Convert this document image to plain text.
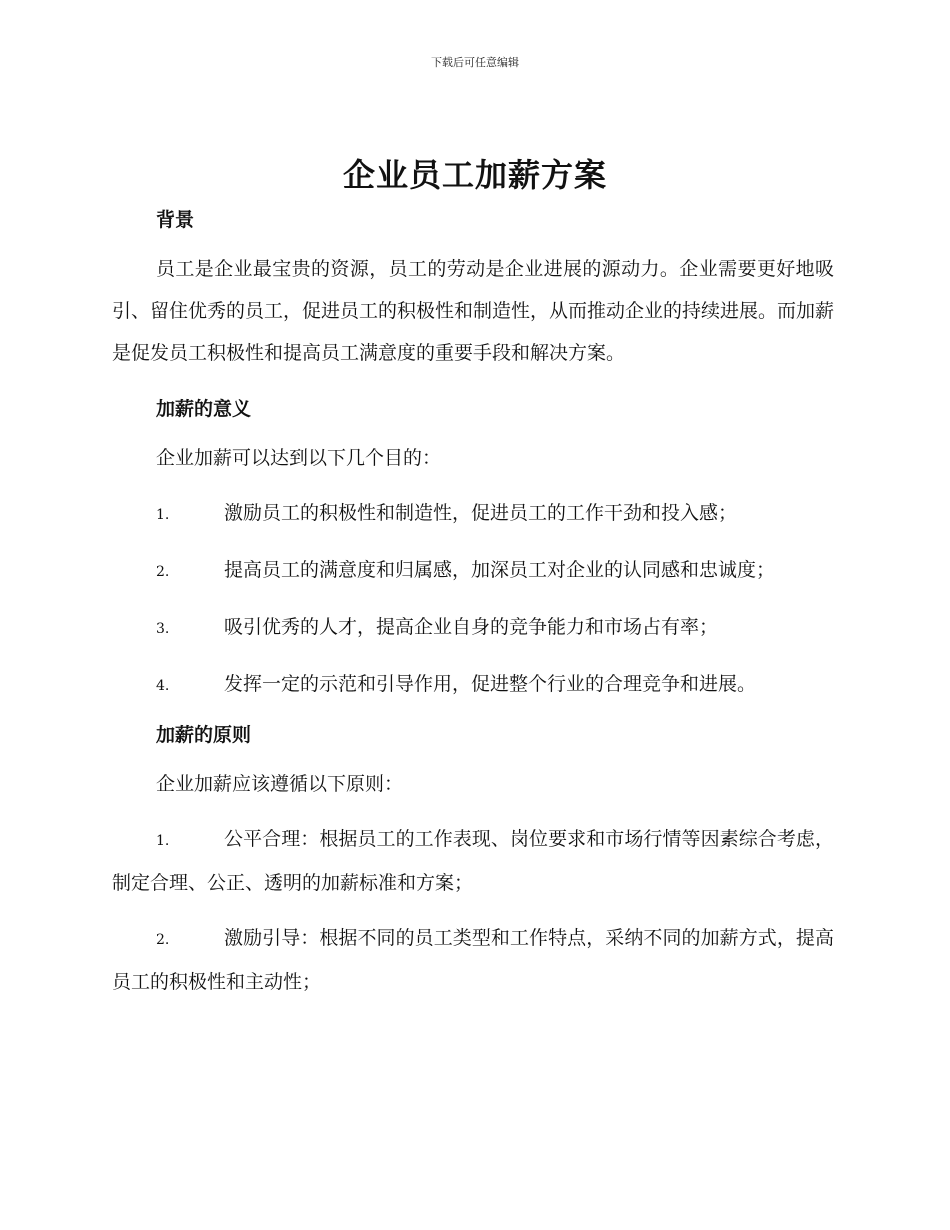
下载后可任意编辑
企业员工加薪方案
背景

员工是企业最宝贵的资源，员工的劳动是企业进展的源动力。企业需要更好地吸引、留住优秀的员工，促进员工的积极性和制造性，从而推动企业的持续进展。而加薪是促发员工积极性和提高员工满意度的重要手段和解决方案。

加薪的意义

企业加薪可以达到以下几个目的：

1.	激励员工的积极性和制造性，促进员工的工作干劲和投入感；

2.	提高员工的满意度和归属感，加深员工对企业的认同感和忠诚度；

3.	吸引优秀的人才，提高企业自身的竞争能力和市场占有率；

4.	发挥一定的示范和引导作用，促进整个行业的合理竞争和进展。

加薪的原则

企业加薪应该遵循以下原则：

1.	公平合理：根据员工的工作表现、岗位要求和市场行情等因素综合考虑，制定合理、公正、透明的加薪标准和方案；

2.	激励引导：根据不同的员工类型和工作特点，采纳不同的加薪方式，提高员工的积极性和主动性；
